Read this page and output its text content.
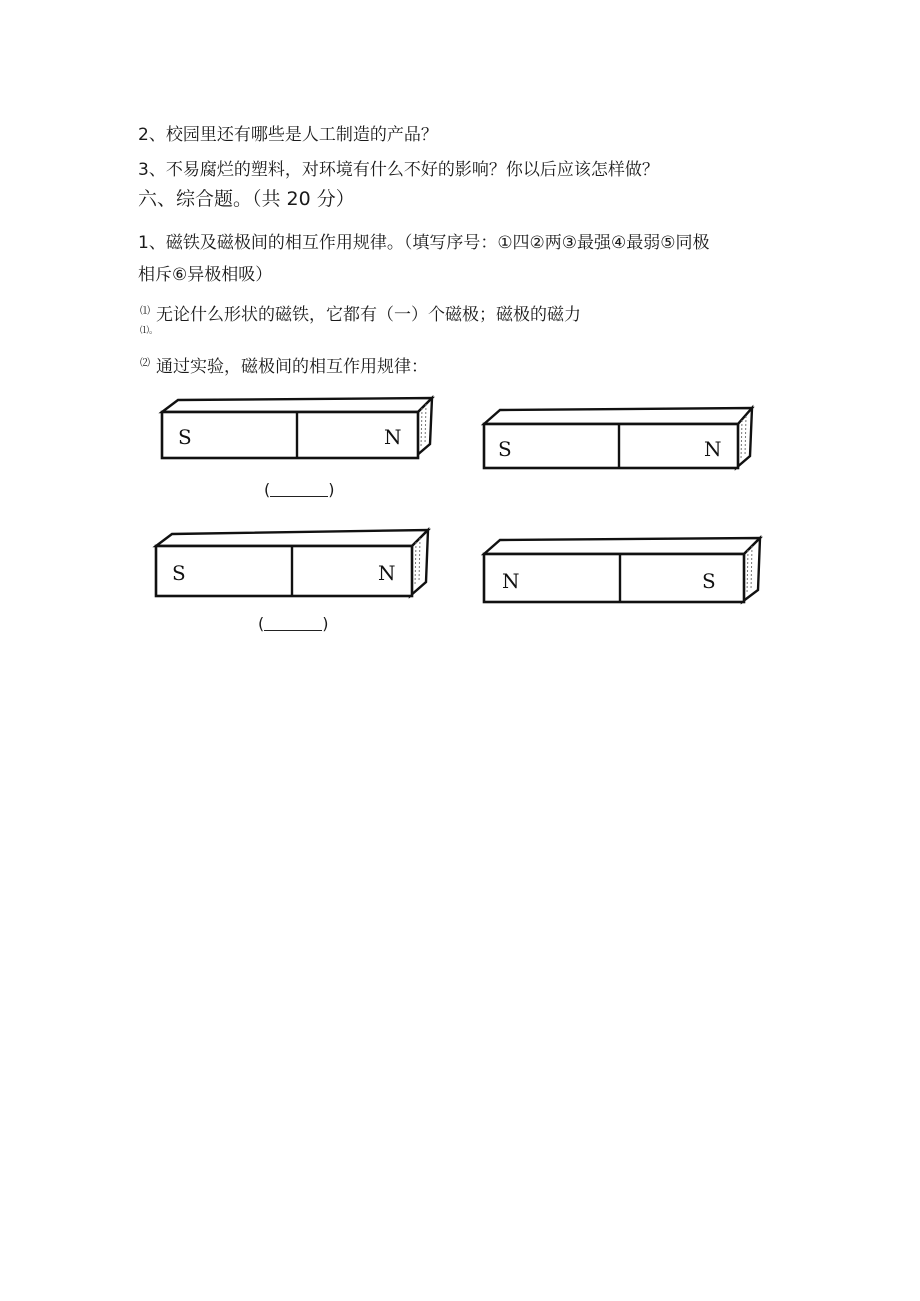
2、校园里还有哪些是人工制造的产品？
3、不易腐烂的塑料，对环境有什么不好的影响？你以后应该怎样做？
六、综合题。（共 20 分）
1、磁铁及磁极间的相互作用规律。（填写序号：①四②两③最强④最弱⑤同极
相斥⑥异极相吸）
⑴ 无论什么形状的磁铁，它都有（一）个磁极；磁极的磁力
⑴。
⑵ 通过实验，磁极间的相互作用规律：
S	N	S	N
(	)
S	N	N	S
(	)
